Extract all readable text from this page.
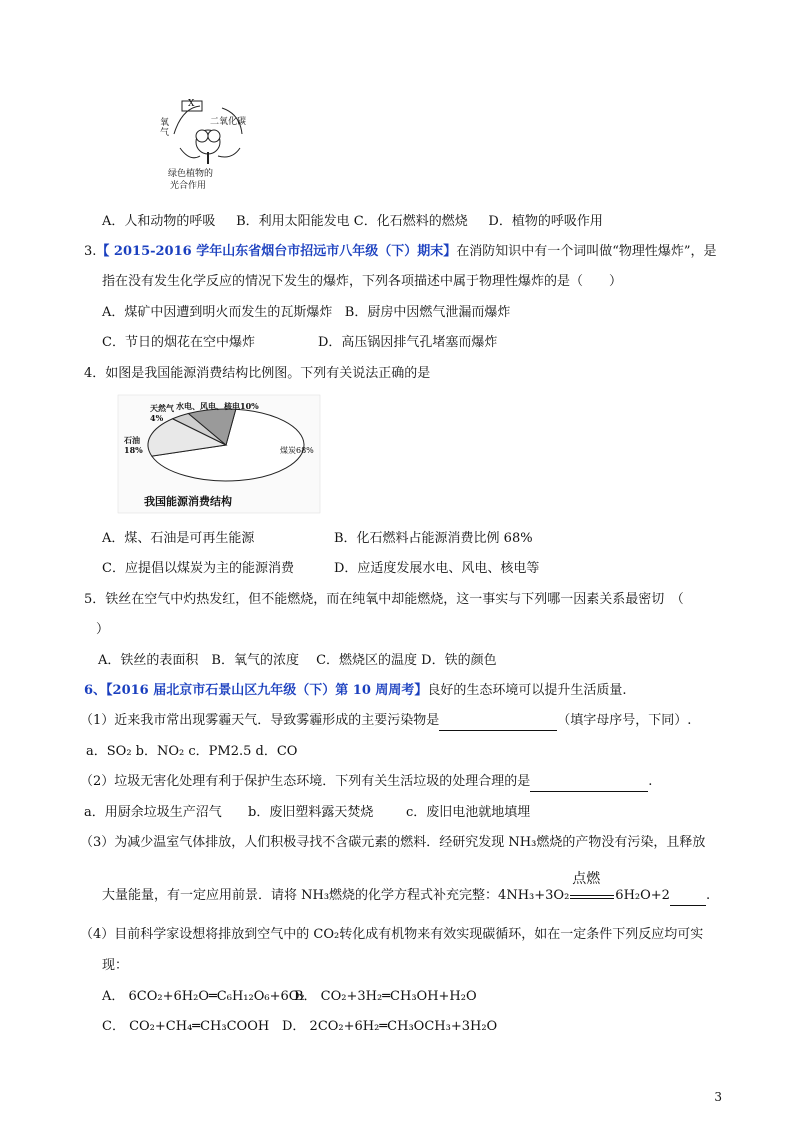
X
氧气
二氧化碳
绿色植物的
光合作用
A．人和动物的呼吸 B．利用太阳能发电 C．化石燃料的燃烧 D．植物的呼吸作用
3.【 2015-2016 学年山东省烟台市招远市八年级（下）期末】在消防知识中有一个词叫做“物理性爆炸”，是
指在没有发生化学反应的情况下发生的爆炸，下列各项描述中属于物理性爆炸的是（　　）
A．煤矿中因遭到明火而发生的瓦斯爆炸 B．厨房中因燃气泄漏而爆炸
C．节日的烟花在空中爆炸	D．高压锅因排气孔堵塞而爆炸
4．如图是我国能源消费结构比例图。下列有关说法正确的是
天然气 4%
水电、风电、核电10%
石油 18%	煤炭68%
我国能源消费结构
A．煤、石油是可再生能源	B．化石燃料占能源消费比例 68%
C．应提倡以煤炭为主的能源消费	D．应适度发展水电、风电、核电等
5．铁丝在空气中灼热发红，但不能燃烧，而在纯氧中却能燃烧，这一事实与下列哪一因素关系最密切　（
）
A．铁丝的表面积　B．氧气的浓度　 C．燃烧区的温度 D．铁的颜色
6、【2016 届北京市石景山区九年级（下）第 10 周周考】良好的生态环境可以提升生活质量.
（1）近来我市常出现雾霾天气．导致雾霾形成的主要污染物是	（填字母序号，下同）.
a．SO₂ b．NO₂ c．PM2.5 d．CO
（2）垃圾无害化处理有利于保护生态环境．下列有关生活垃圾的处理合理的是	.
a．用厨余垃圾生产沼气 b．废旧塑料露天焚烧	c．废旧电池就地填埋
（3）为减少温室气体排放，人们积极寻找不含碳元素的燃料．经研究发现 NH₃燃烧的产物没有污染，且释放
大量能量，有一定应用前景．请将 NH₃燃烧的化学方程式补充完整：4NH₃+3O₂
点燃
6H₂O+2	.
（4）目前科学家设想将排放到空气中的 CO₂转化成有机物来有效实现碳循环，如在一定条件下列反应均可实
现：
A． 6CO₂+6H₂O═C₆H₁₂O₆+6O₂
B． CO₂+3H₂═CH₃OH+H₂O
C． CO₂+CH₄═CH₃COOH D． 2CO₂+6H₂═CH₃OCH₃+3H₂O
3
